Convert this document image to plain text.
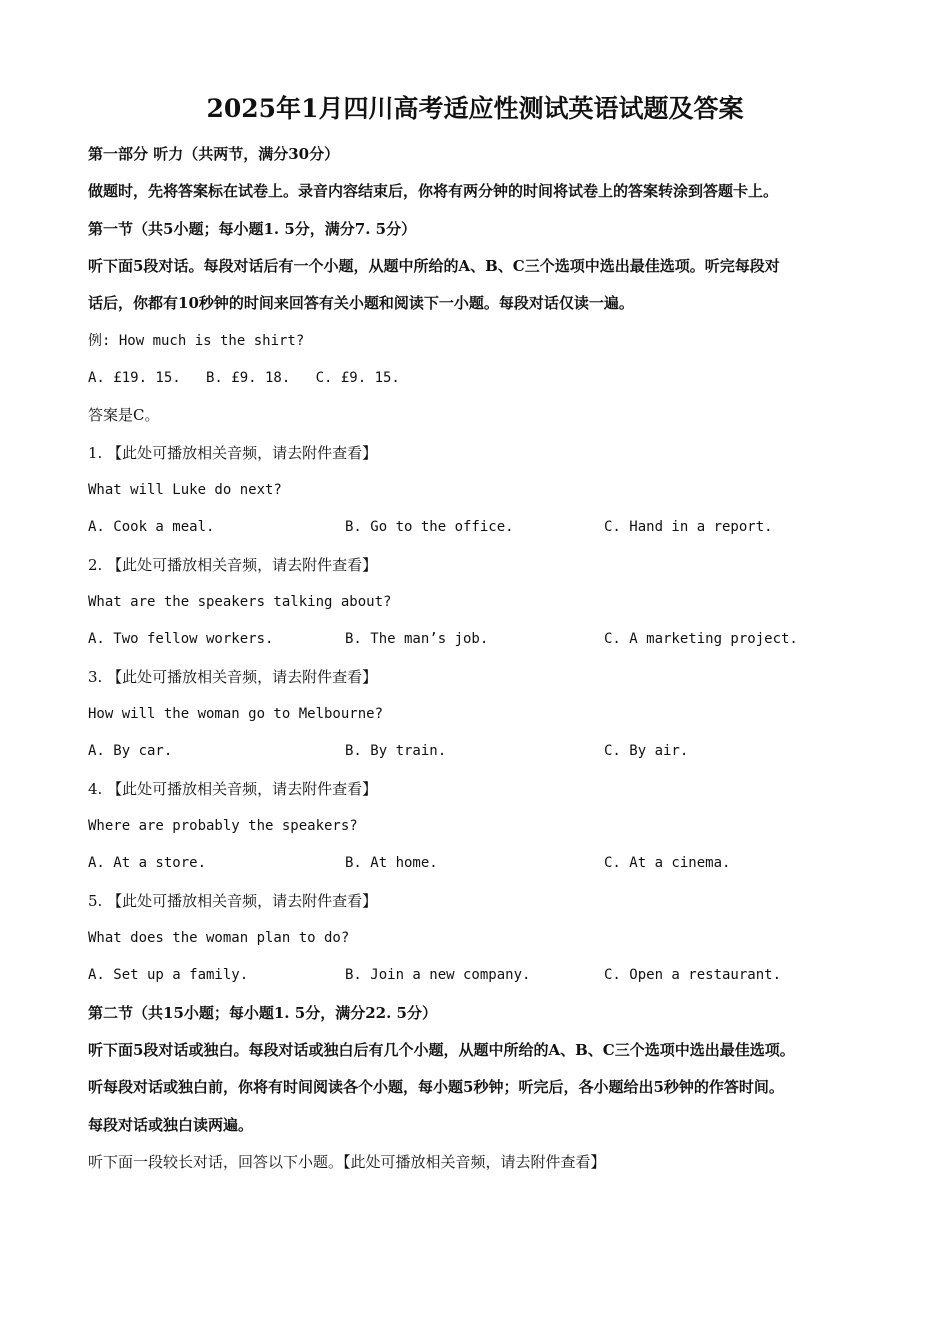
2025年1月四川高考适应性测试英语试题及答案
第一部分 听力（共两节，满分30分）
做题时，先将答案标在试卷上。录音内容结束后，你将有两分钟的时间将试卷上的答案转涂到答题卡上。
第一节（共5小题；每小题1. 5分，满分7. 5分）
听下面5段对话。每段对话后有一个小题，从题中所给的A、B、C三个选项中选出最佳选项。听完每段对
话后，你都有10秒钟的时间来回答有关小题和阅读下一小题。每段对话仅读一遍。
例: How much is the shirt?
A. £19. 15.   B. £9. 18.   C. £9. 15.
答案是C。
1. 【此处可播放相关音频，请去附件查看】
What will Luke do next?
A. Cook a meal.	B. Go to the office.	C. Hand in a report.
2. 【此处可播放相关音频，请去附件查看】
What are the speakers talking about?
A. Two fellow workers.	B. The man’s job.	C. A marketing project.
3. 【此处可播放相关音频，请去附件查看】
How will the woman go to Melbourne?
A. By car.	B. By train.	C. By air.
4. 【此处可播放相关音频，请去附件查看】
Where are probably the speakers?
A. At a store.	B. At home.	C. At a cinema.
5. 【此处可播放相关音频，请去附件查看】
What does the woman plan to do?
A. Set up a family.	B. Join a new company.	C. Open a restaurant.
第二节（共15小题；每小题1. 5分，满分22. 5分）
听下面5段对话或独白。每段对话或独白后有几个小题，从题中所给的A、B、C三个选项中选出最佳选项。
听每段对话或独白前，你将有时间阅读各个小题，每小题5秒钟；听完后，各小题给出5秒钟的作答时间。
每段对话或独白读两遍。
听下面一段较长对话，回答以下小题。【此处可播放相关音频，请去附件查看】
